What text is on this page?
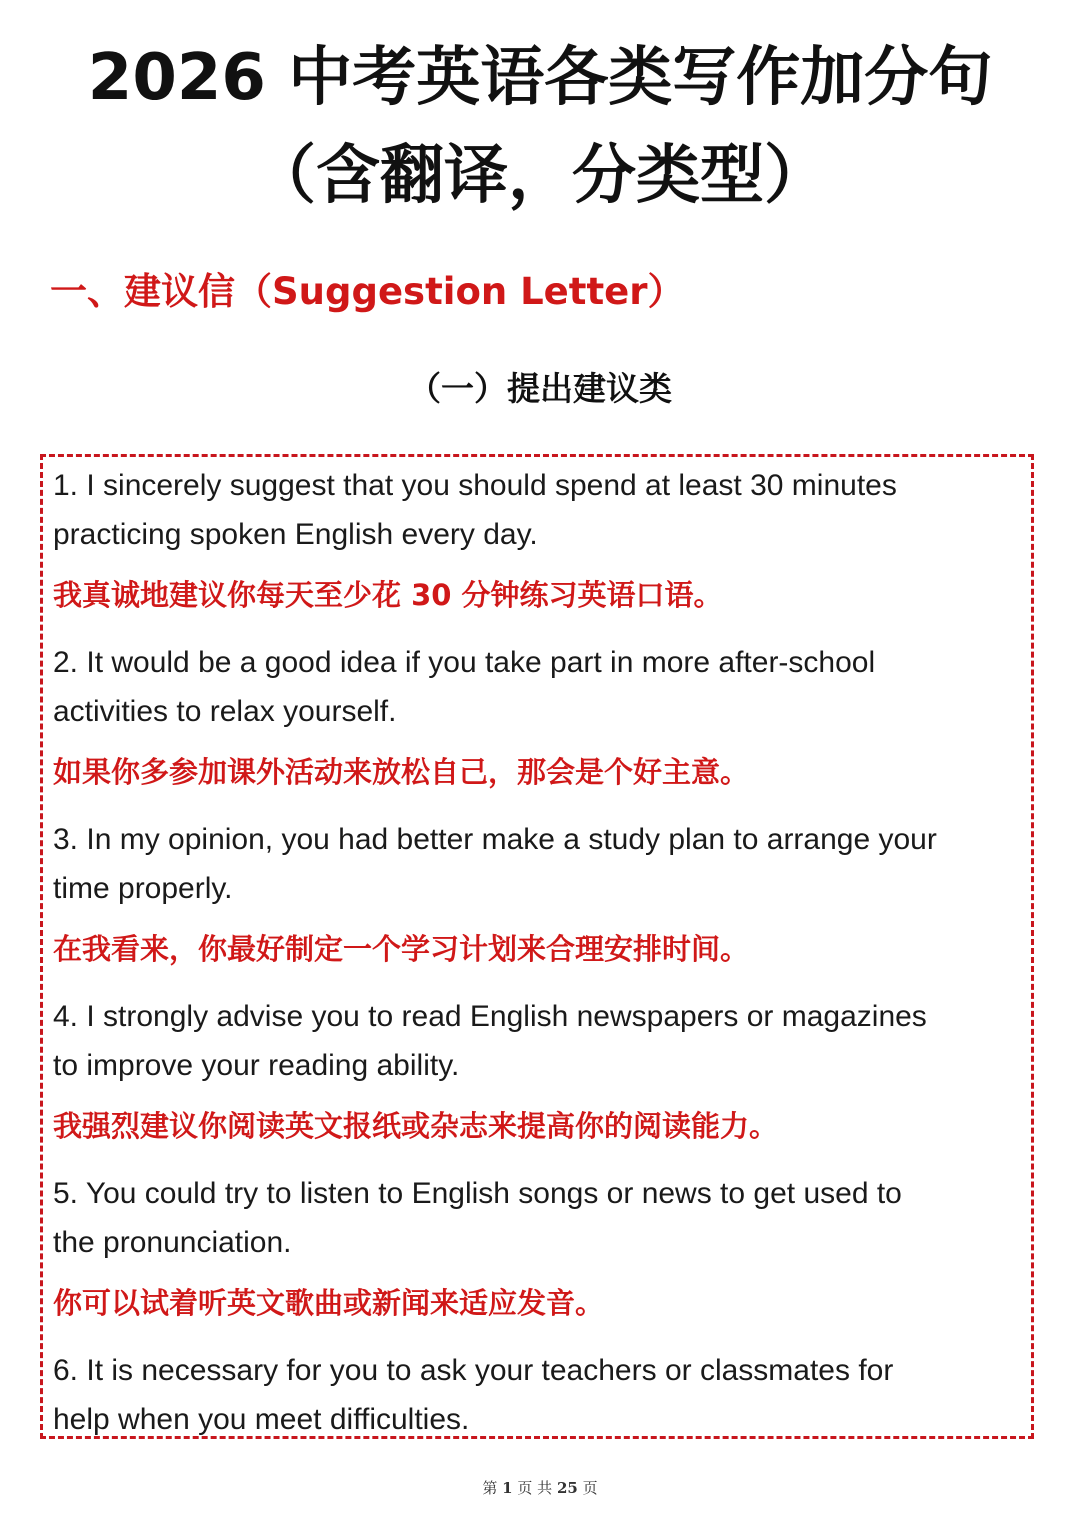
2026 中考英语各类写作加分句
（含翻译，分类型）
一、建议信（Suggestion Letter）
（一）提出建议类
1. I sincerely suggest that you should spend at least 30 minutes
practicing spoken English every day.
我真诚地建议你每天至少花 30 分钟练习英语口语。
2. It would be a good idea if you take part in more after-school
activities to relax yourself.
如果你多参加课外活动来放松自己，那会是个好主意。
3. In my opinion, you had better make a study plan to arrange your
time properly.
在我看来，你最好制定一个学习计划来合理安排时间。
4. I strongly advise you to read English newspapers or magazines
to improve your reading ability.
我强烈建议你阅读英文报纸或杂志来提高你的阅读能力。
5. You could try to listen to English songs or news to get used to
the pronunciation.
你可以试着听英文歌曲或新闻来适应发音。
6. It is necessary for you to ask your teachers or classmates for
help when you meet difficulties.
第 1 页 共 25 页
